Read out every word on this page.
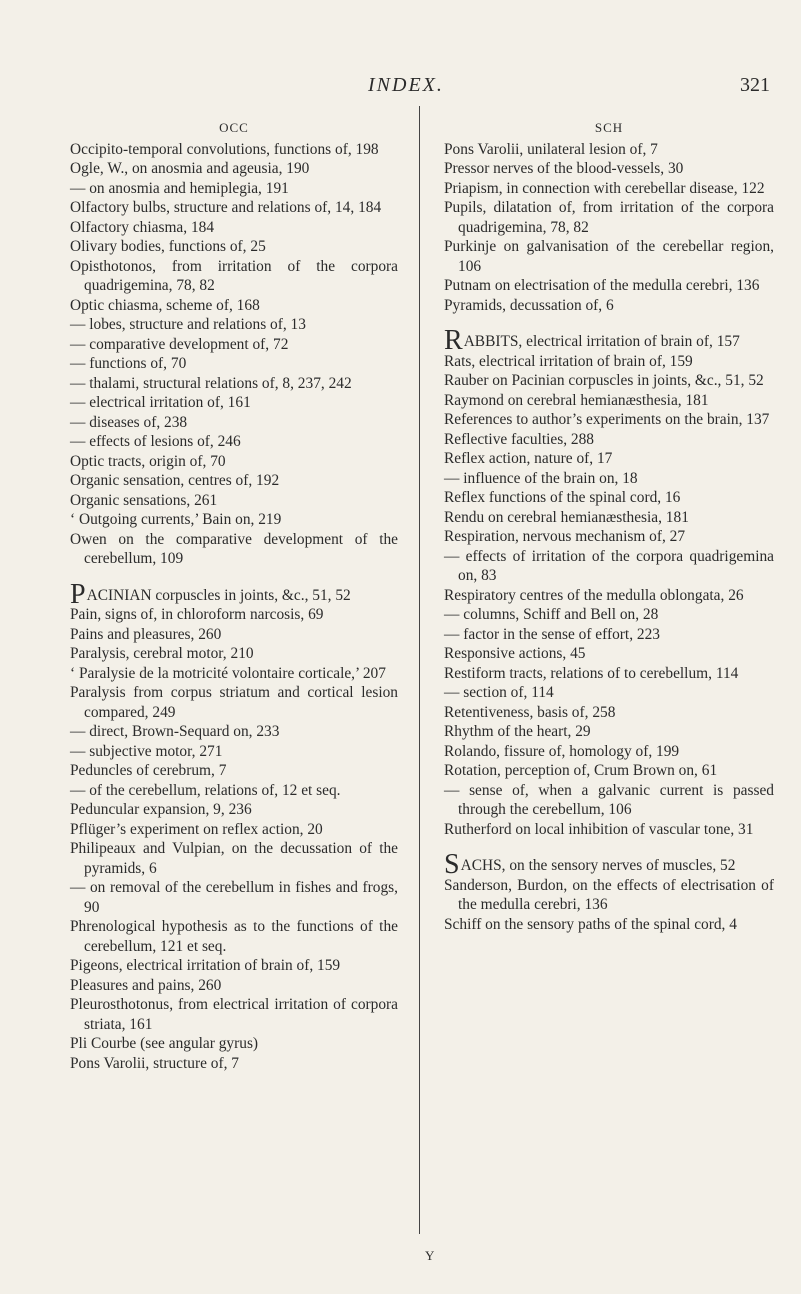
INDEX.	321
OCC
Occipito-temporal convolutions, functions of, 198
Ogle, W., on anosmia and ageusia, 190
— on anosmia and hemiplegia, 191
Olfactory bulbs, structure and relations of, 14, 184
Olfactory chiasma, 184
Olivary bodies, functions of, 25
Opisthotonos, from irritation of the corpora quadrigemina, 78, 82
Optic chiasma, scheme of, 168
— lobes, structure and relations of, 13
— comparative development of, 72
— functions of, 70
— thalami, structural relations of, 8, 237, 242
— electrical irritation of, 161
— diseases of, 238
— effects of lesions of, 246
Optic tracts, origin of, 70
Organic sensation, centres of, 192
Organic sensations, 261
‘ Outgoing currents,’ Bain on, 219
Owen on the comparative development of the cerebellum, 109
PACINIAN corpuscles in joints, &c., 51, 52
Pain, signs of, in chloroform narcosis, 69
Pains and pleasures, 260
Paralysis, cerebral motor, 210
‘ Paralysie de la motricité volontaire corticale,’ 207
Paralysis from corpus striatum and cortical lesion compared, 249
— direct, Brown-Sequard on, 233
— subjective motor, 271
Peduncles of cerebrum, 7
— of the cerebellum, relations of, 12 et seq.
Peduncular expansion, 9, 236
Pflüger’s experiment on reflex action, 20
Philipeaux and Vulpian, on the decussation of the pyramids, 6
— on removal of the cerebellum in fishes and frogs, 90
Phrenological hypothesis as to the functions of the cerebellum, 121 et seq.
Pigeons, electrical irritation of brain of, 159
Pleasures and pains, 260
Pleurosthotonus, from electrical irritation of corpora striata, 161
Pli Courbe (see angular gyrus)
Pons Varolii, structure of, 7
SCH
Pons Varolii, unilateral lesion of, 7
Pressor nerves of the blood-vessels, 30
Priapism, in connection with cerebellar disease, 122
Pupils, dilatation of, from irritation of the corpora quadrigemina, 78, 82
Purkinje on galvanisation of the cerebellar region, 106
Putnam on electrisation of the medulla cerebri, 136
Pyramids, decussation of, 6
RABBITS, electrical irritation of brain of, 157
Rats, electrical irritation of brain of, 159
Rauber on Pacinian corpuscles in joints, &c., 51, 52
Raymond on cerebral hemianæsthesia, 181
References to author’s experiments on the brain, 137
Reflective faculties, 288
Reflex action, nature of, 17
— influence of the brain on, 18
Reflex functions of the spinal cord, 16
Rendu on cerebral hemianæsthesia, 181
Respiration, nervous mechanism of, 27
— effects of irritation of the corpora quadrigemina on, 83
Respiratory centres of the medulla oblongata, 26
— columns, Schiff and Bell on, 28
— factor in the sense of effort, 223
Responsive actions, 45
Restiform tracts, relations of to cerebellum, 114
— section of, 114
Retentiveness, basis of, 258
Rhythm of the heart, 29
Rolando, fissure of, homology of, 199
Rotation, perception of, Crum Brown on, 61
— sense of, when a galvanic current is passed through the cerebellum, 106
Rutherford on local inhibition of vascular tone, 31
SACHS, on the sensory nerves of muscles, 52
Sanderson, Burdon, on the effects of electrisation of the medulla cerebri, 136
Schiff on the sensory paths of the spinal cord, 4
Y
